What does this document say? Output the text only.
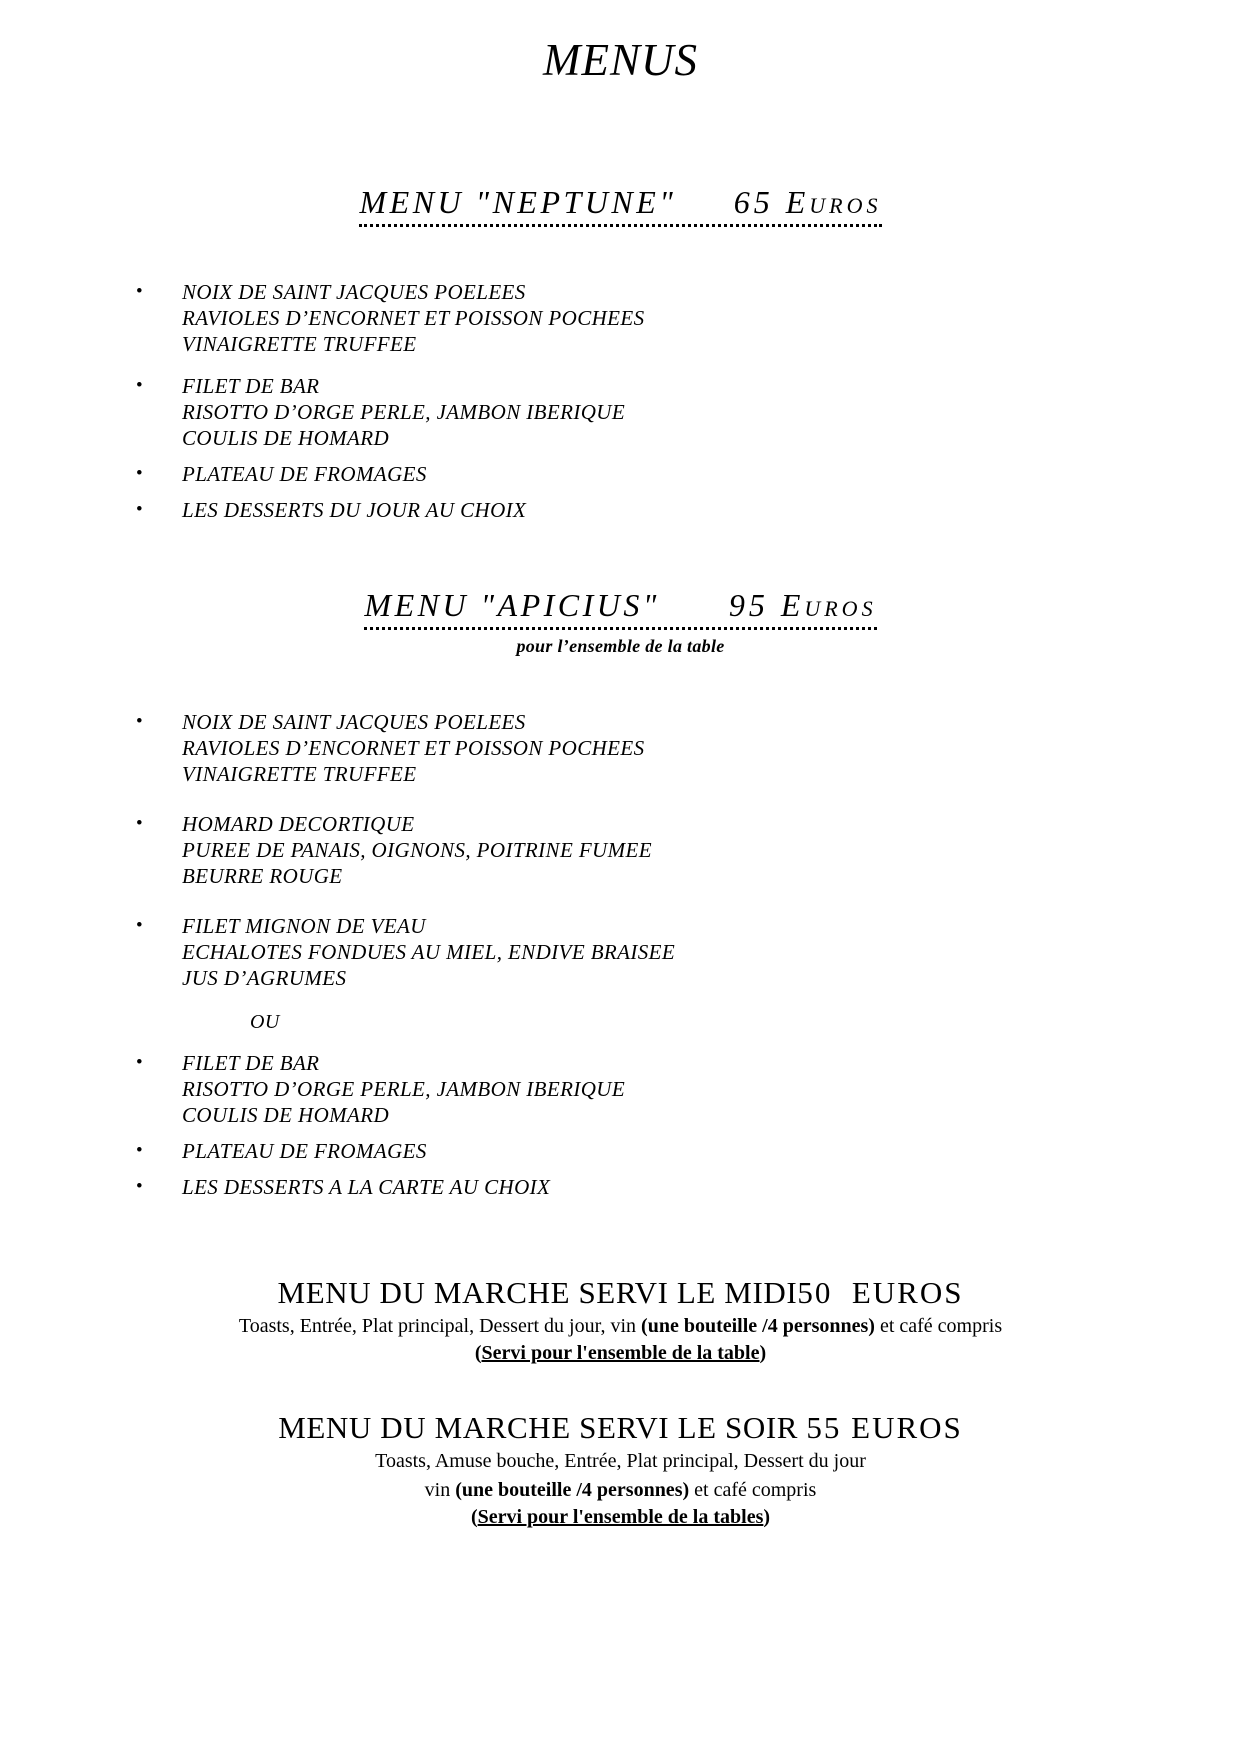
MENUS
MENU "NEPTUNE" 65 Euros
• NOIX DE SAINT JACQUES POELEES
RAVIOLES D’ENCORNET ET POISSON POCHEES
VINAIGRETTE TRUFFEE
• FILET DE BAR
RISOTTO D’ORGE PERLE, JAMBON IBERIQUE
COULIS DE HOMARD
• PLATEAU DE FROMAGES
• LES DESSERTS DU JOUR AU CHOIX
MENU "APICIUS" 95 Euros
pour l’ensemble de la table
• NOIX DE SAINT JACQUES POELEES
RAVIOLES D’ENCORNET ET POISSON POCHEES
VINAIGRETTE TRUFFEE
• HOMARD DECORTIQUE
PUREE DE PANAIS, OIGNONS, POITRINE FUMEE
BEURRE ROUGE
• FILET MIGNON DE VEAU
ECHALOTES FONDUES AU MIEL, ENDIVE BRAISEE
JUS D’AGRUMES
OU
• FILET DE BAR
RISOTTO D’ORGE PERLE, JAMBON IBERIQUE
COULIS DE HOMARD
• PLATEAU DE FROMAGES
• LES DESSERTS A LA CARTE AU CHOIX
MENU DU MARCHE SERVI LE MIDI50  EUROS
Toasts, Entrée, Plat principal, Dessert du jour, vin (une bouteille /4 personnes) et café compris
(Servi pour l'ensemble de la table)
MENU DU MARCHE SERVI LE SOIR 55 EUROS
Toasts, Amuse bouche, Entrée, Plat principal, Dessert du jour
vin (une bouteille /4 personnes) et café compris
(Servi pour l'ensemble de la tables)
